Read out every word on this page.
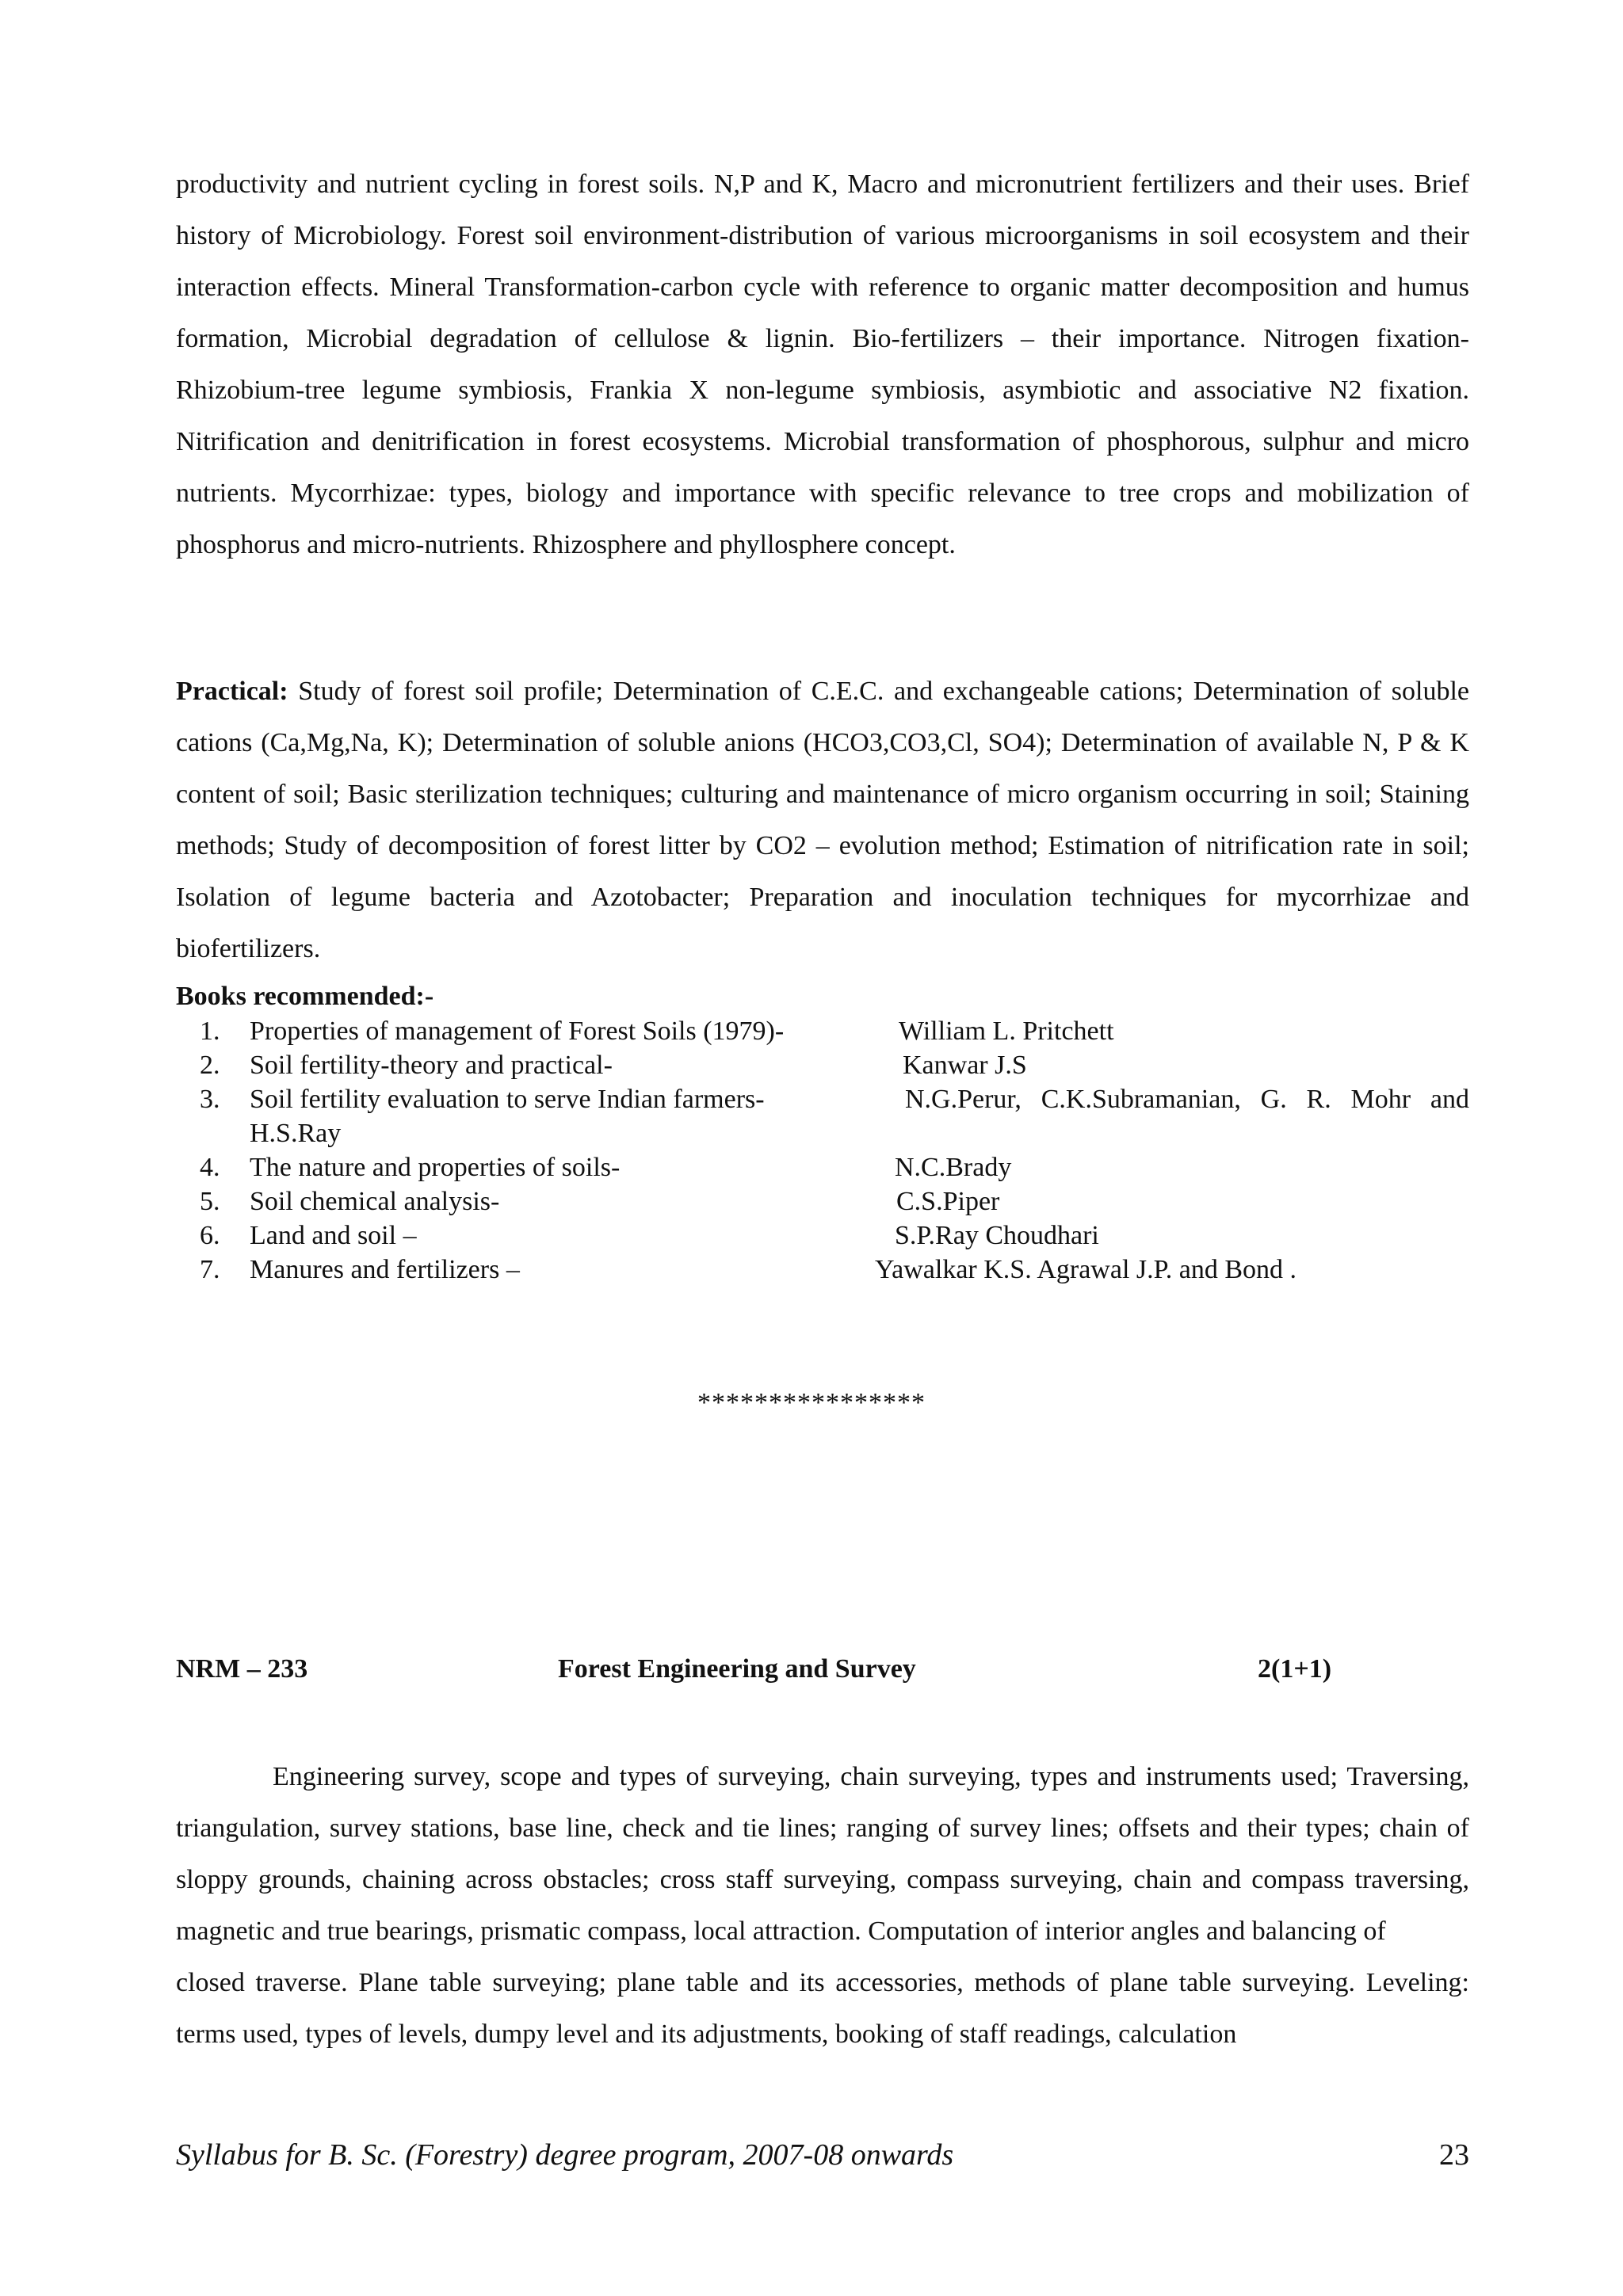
productivity and nutrient cycling in forest soils. N,P and K, Macro and micronutrient fertilizers and their uses. Brief history of Microbiology. Forest soil environment-distribution of various microorganisms in soil ecosystem and their interaction effects. Mineral Transformation-carbon cycle with reference to organic matter decomposition and humus formation, Microbial degradation of cellulose & lignin. Bio-fertilizers – their importance. Nitrogen fixation-Rhizobium-tree legume symbiosis, Frankia X non-legume symbiosis, asymbiotic and associative N2 fixation. Nitrification and denitrification in forest ecosystems. Microbial transformation of phosphorous, sulphur and micro nutrients. Mycorrhizae: types, biology and importance with specific relevance to tree crops and mobilization of phosphorus and micro-nutrients. Rhizosphere and phyllosphere concept.
Practical: Study of forest soil profile; Determination of C.E.C. and exchangeable cations; Determination of soluble cations (Ca,Mg,Na, K); Determination of soluble anions (HCO3,CO3,Cl, SO4); Determination of available N, P & K content of soil; Basic sterilization techniques; culturing and maintenance of micro organism occurring in soil; Staining methods; Study of decomposition of forest litter by CO2 – evolution method; Estimation of nitrification rate in soil; Isolation of legume bacteria and Azotobacter; Preparation and inoculation techniques for mycorrhizae and biofertilizers.
Books recommended:-
1.	Properties of management of Forest Soils (1979)-	William L. Pritchett
2.	Soil fertility-theory and practical-	Kanwar J.S
3.	Soil fertility evaluation to serve Indian farmers-	N.G.Perur, C.K.Subramanian, G. R. Mohr and
H.S.Ray
4.	The nature and properties of soils-	N.C.Brady
5.	Soil chemical analysis-	C.S.Piper
6.	Land and soil –	S.P.Ray Choudhari
7.	Manures and fertilizers –	Yawalkar K.S. Agrawal J.P. and Bond .
****************
NRM – 233	Forest Engineering and Survey	2(1+1)

Engineering survey, scope and types of surveying, chain surveying, types and instruments used; Traversing, triangulation, survey stations, base line, check and tie lines; ranging of survey lines; offsets and their types; chain of sloppy grounds, chaining across obstacles; cross staff surveying, compass surveying, chain and compass traversing, magnetic and true bearings, prismatic compass, local attraction. Computation of interior angles and balancing of

closed traverse. Plane table surveying; plane table and its accessories, methods of plane table surveying. Leveling: terms used, types of levels, dumpy level and its adjustments, booking of staff readings, calculation

Syllabus for B. Sc. (Forestry) degree program, 2007-08 onwards	23
